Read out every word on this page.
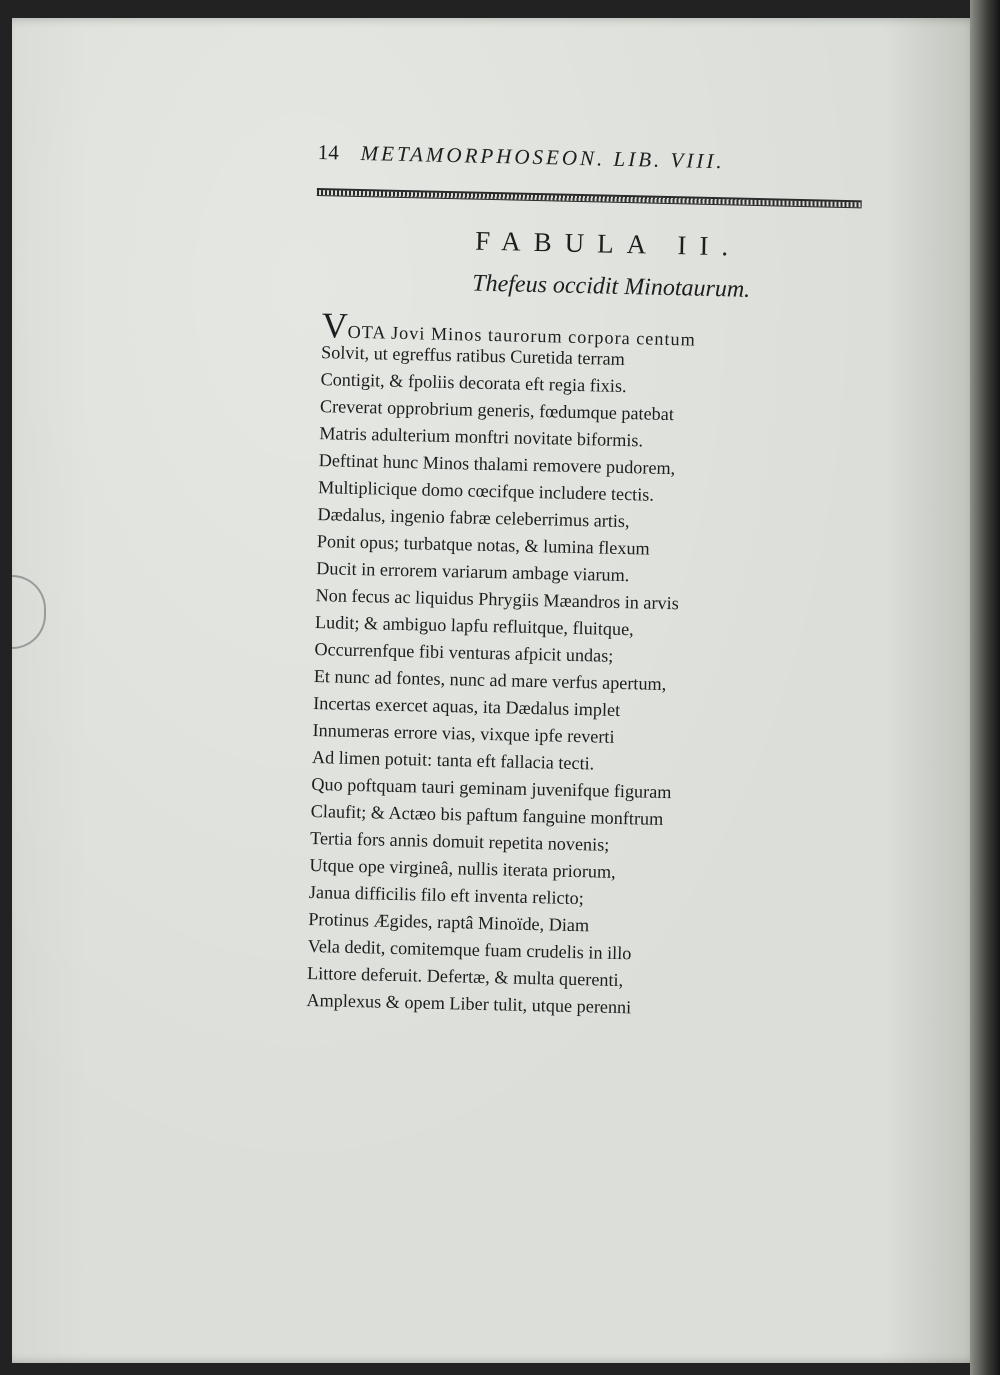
14 METAMORPHOSEON. LIB. VIII.
FABULA II.
Thefeus occidit Minotaurum.
VOTA Jovi Minos taurorum corpora centum
Solvit, ut egreffus ratibus Curetida terram
Contigit, & fpoliis decorata eft regia fixis.
Creverat opprobrium generis, fœdumque patebat
Matris adulterium monftri novitate biformis.
Deftinat hunc Minos thalami removere pudorem,
Multiplicique domo cœcifque includere tectis.
Dædalus, ingenio fabræ celeberrimus artis,
Ponit opus; turbatque notas, & lumina flexum
Ducit in errorem variarum ambage viarum.
Non fecus ac liquidus Phrygiis Mæandros in arvis
Ludit; & ambiguo lapfu refluitque, fluitque,
Occurrenfque fibi venturas afpicit undas;
Et nunc ad fontes, nunc ad mare verfus apertum,
Incertas exercet aquas, ita Dædalus implet
Innumeras errore vias, vixque ipfe reverti
Ad limen potuit: tanta eft fallacia tecti.
Quo poftquam tauri geminam juvenifque figuram
Claufit; & Actæo bis paftum fanguine monftrum
Tertia fors annis domuit repetita novenis;
Utque ope virgineâ, nullis iterata priorum,
Janua difficilis filo eft inventa relicto;
Protinus Ægides, raptâ Minoïde, Diam
Vela dedit, comitemque fuam crudelis in illo
Littore deferuit. Defertæ, & multa querenti,
Amplexus & opem Liber tulit, utque perenni
